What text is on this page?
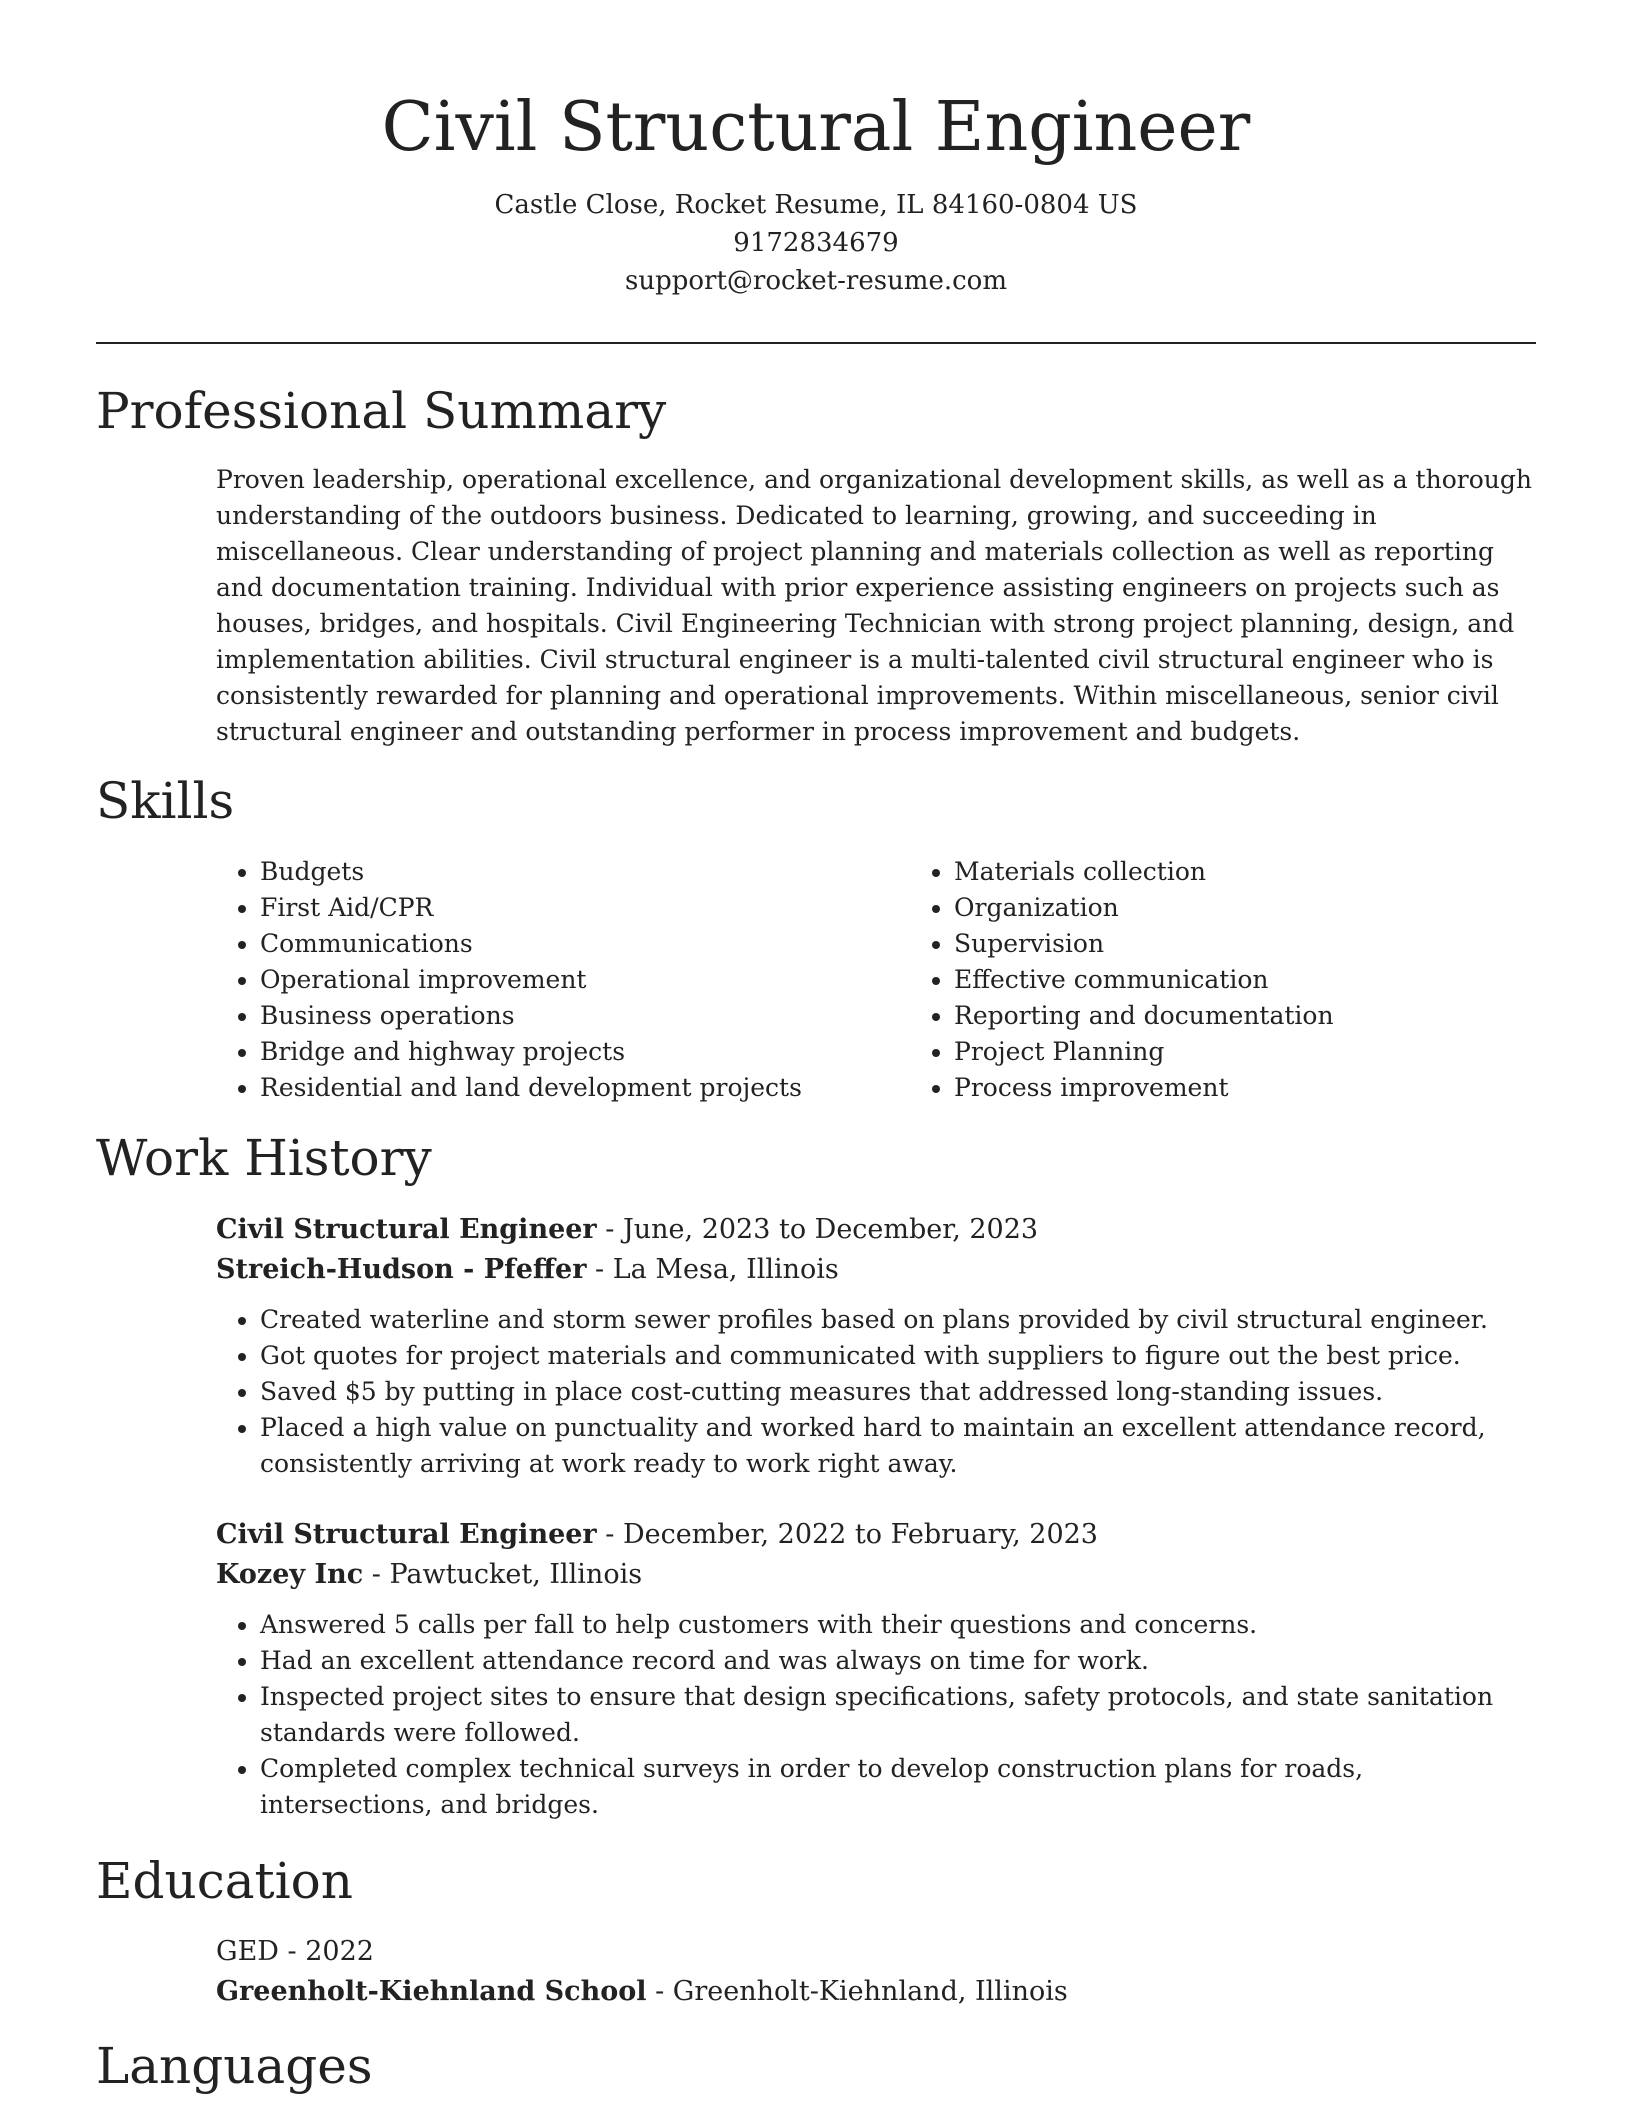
Civil Structural Engineer
Castle Close, Rocket Resume, IL 84160-0804 US
9172834679
support@rocket-resume.com
Professional Summary
Proven leadership, operational excellence, and organizational development skills, as well as a thorough understanding of the outdoors business. Dedicated to learning, growing, and succeeding in miscellaneous. Clear understanding of project planning and materials collection as well as reporting and documentation training. Individual with prior experience assisting engineers on projects such as houses, bridges, and hospitals. Civil Engineering Technician with strong project planning, design, and implementation abilities. Civil structural engineer is a multi-talented civil structural engineer who is consistently rewarded for planning and operational improvements. Within miscellaneous, senior civil structural engineer and outstanding performer in process improvement and budgets.
Skills
• Budgets
• First Aid/CPR
• Communications
• Operational improvement
• Business operations
• Bridge and highway projects
• Residential and land development projects
• Materials collection
• Organization
• Supervision
• Effective communication
• Reporting and documentation
• Project Planning
• Process improvement
Work History
Civil Structural Engineer - June, 2023 to December, 2023
Streich-Hudson - Pfeffer - La Mesa, Illinois
• Created waterline and storm sewer profiles based on plans provided by civil structural engineer.
• Got quotes for project materials and communicated with suppliers to figure out the best price.
• Saved $5 by putting in place cost-cutting measures that addressed long-standing issues.
• Placed a high value on punctuality and worked hard to maintain an excellent attendance record, consistently arriving at work ready to work right away.
Civil Structural Engineer - December, 2022 to February, 2023
Kozey Inc - Pawtucket, Illinois
• Answered 5 calls per fall to help customers with their questions and concerns.
• Had an excellent attendance record and was always on time for work.
• Inspected project sites to ensure that design specifications, safety protocols, and state sanitation standards were followed.
• Completed complex technical surveys in order to develop construction plans for roads, intersections, and bridges.
Education
GED - 2022
Greenholt-Kiehnland School - Greenholt-Kiehnland, Illinois
Languages
